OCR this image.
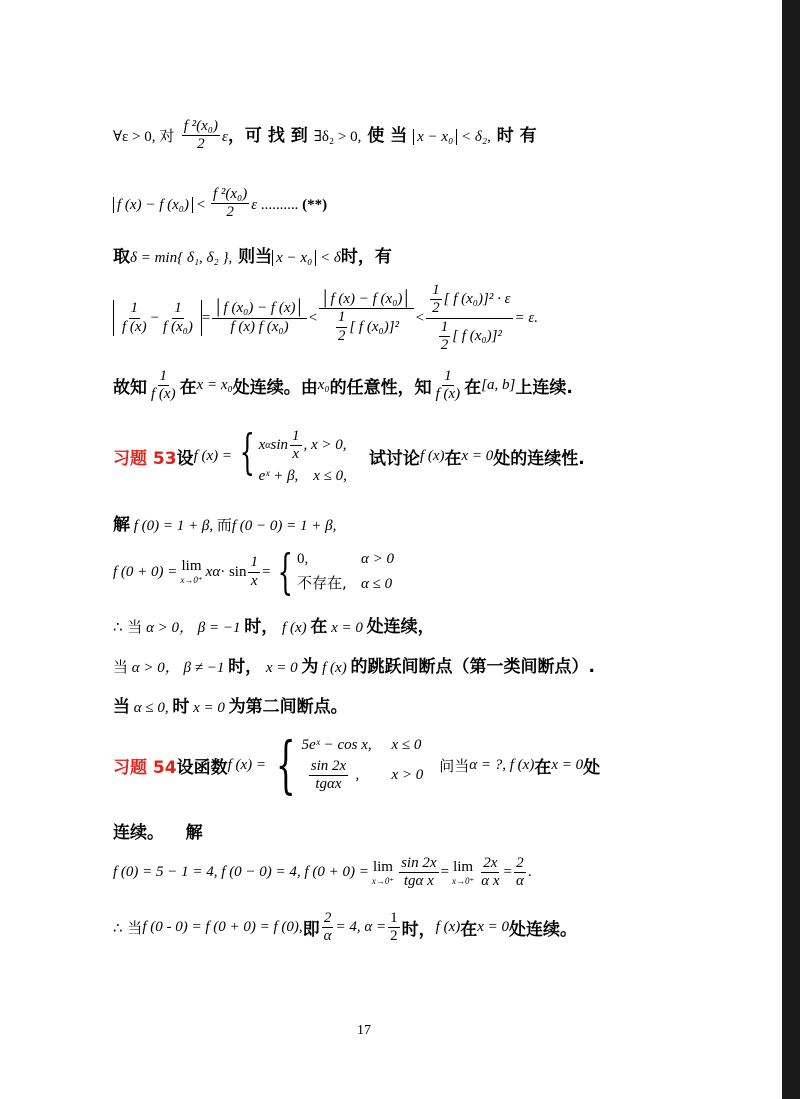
∀ε > 0, 对 $\frac{\text{f ²(x₀)}}{2}$ ε，可 找 到 ∃δ₂ > 0, 使 当 x − x₀ < δ₂, 时 有
f (x) − f $(x_0) < \frac{\text{f ²(x₀)}}{2}$ ε .......... (**)
取δ = min{ δ₁, δ₂ }, 则当 x − x₀ < δ时，有
$\frac{1}{f (x)} - \frac{1}{\text{f (x₀)}} = \frac{\text{│f (x₀) − f (x)│}}{\text{f (x) f (x₀)}} < \frac{\text{│f (x) − f (x₀)│}}{\frac{1}{2} [ f (x_0)]^2} < \frac{\frac{1}{2} [ f (x_0)]^2 \cdot \varepsilon}{\frac{1}{2} [ f (x_0)]^2} = \varepsilon$.
故知 $\frac{1}{f (x)}$ 在 x = x₀ 处连续。由 x₀ 的任意性，知 $\frac{1}{f (x)}$ 在 [a, b] 上连续.
习题 53 设 f (x) = { x α $\sin \frac{1}{x}$ , x > 0,
eˣ + β, x ≤ 0,
试讨论 f (x) 在 x = 0 处的连续性.
解 f (0) = 1 + β, 而f (0 − 0) = 1 + β,
f (0 + 0) = lim
x→0⁺
x $\alpha \cdot \sin \frac{1}{x}$ = { 0,	α > 0
不存在, α ≤ 0
∴ 当 α > 0， β = −1 时， f (x) 在 x = 0 处连续，
当 α > 0， β ≠ −1 时， x = 0 为 f (x) 的跳跃间断点（第一类间断点）.
当 α ≤ 0, 时 x = 0 为第二间断点。
习题 54 设函数 f (x) = { 5eˣ − cos x, x ≤ 0
$\frac{\sin 2x}{\text{tgαx}}$ ,	x > 0
问当 α = ?, f (x) 在 x = 0 处
连续。 解
f (0) = 5 − 1 = 4, f (0 − 0) = 4, f (0 + 0) = lim
$x\to 0^+ \frac{\sin 2x}{\text{tgα x}} = \lim$
$x\to 0^+ \frac{2x}{\text{α x}} = \frac{2}{\alpha}$ .
∴ 当 f (0 - 0) = f (0 + 0) = f (0), 即 $\frac{2}{\alpha} = 4$, $\alpha = \frac{1}{2}$ 时， f (x) 在 x = 0 处连续。
17
